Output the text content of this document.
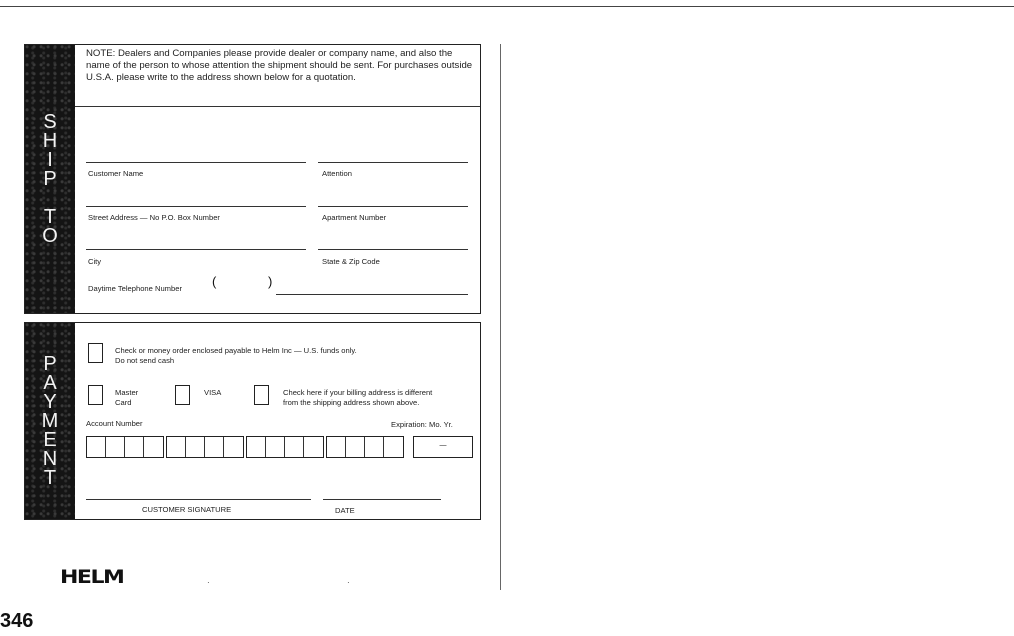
S
H
I
P
T
O
NOTE: Dealers and Companies please provide dealer or company name, and also the name of the person to whose attention the shipment should be sent. For purchases outside U.S.A. please write to the address shown below for a quotation.
Customer Name	Attention
Street Address — No P.O. Box Number	Apartment Number
City	State & Zip Code
Daytime Telephone Number (	)
P
A
Y
M
E
N
T
Check or money order enclosed payable to Helm Inc — U.S. funds only.
Do not send cash
Master
Card
VISA	Check here if your billing address is different
from the shipping address shown above.
Account Number	Expiration: Mo. Yr.
—
CUSTOMER SIGNATURE	DATE
HELM	·	·
346
